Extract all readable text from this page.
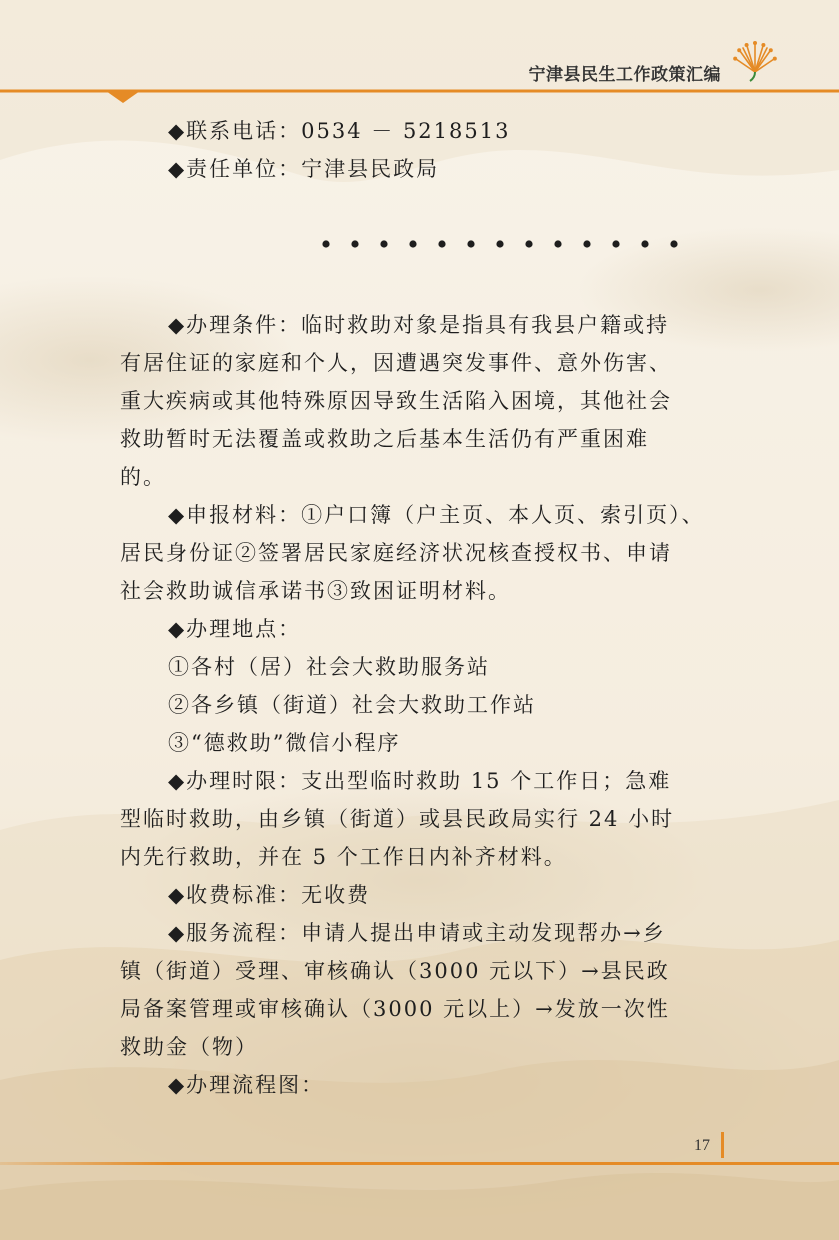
宁津县民生工作政策汇编
◆联系电话：0534 － 5218513
◆责任单位：宁津县民政局
◆办理条件：临时救助对象是指具有我县户籍或持
有居住证的家庭和个人，因遭遇突发事件、意外伤害、
重大疾病或其他特殊原因导致生活陷入困境，其他社会
救助暂时无法覆盖或救助之后基本生活仍有严重困难
的。
◆申报材料：①户口簿（户主页、本人页、索引页）、
居民身份证②签署居民家庭经济状况核查授权书、申请
社会救助诚信承诺书③致困证明材料。
◆办理地点：
①各村（居）社会大救助服务站
②各乡镇（街道）社会大救助工作站
③“德救助”微信小程序
◆办理时限：支出型临时救助 15 个工作日；急难
型临时救助，由乡镇（街道）或县民政局实行 24 小时
内先行救助，并在 5 个工作日内补齐材料。
◆收费标准：无收费
◆服务流程：申请人提出申请或主动发现帮办→乡
镇（街道）受理、审核确认（3000 元以下）→县民政
局备案管理或审核确认（3000 元以上）→发放一次性
救助金（物）
◆办理流程图：
17
